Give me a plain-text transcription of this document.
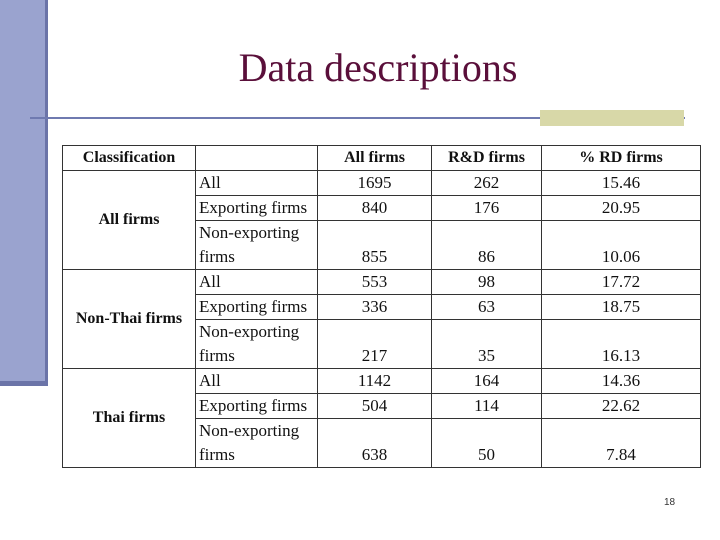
Data descriptions
Classification		All firms	R&D firms	% RD firms
All firms	All	1695	262	15.46
	Exporting firms	840	176	20.95

	Non-exporting
firms	855	86	10.06
Non-Thai firms	All	553	98	17.72
	Exporting firms	336	63	18.75

	Non-exporting
firms	217	35	16.13
Thai firms	All	1142	164	14.36
	Exporting firms	504	114	22.62

	Non-exporting
firms	638	50	7.84
18
